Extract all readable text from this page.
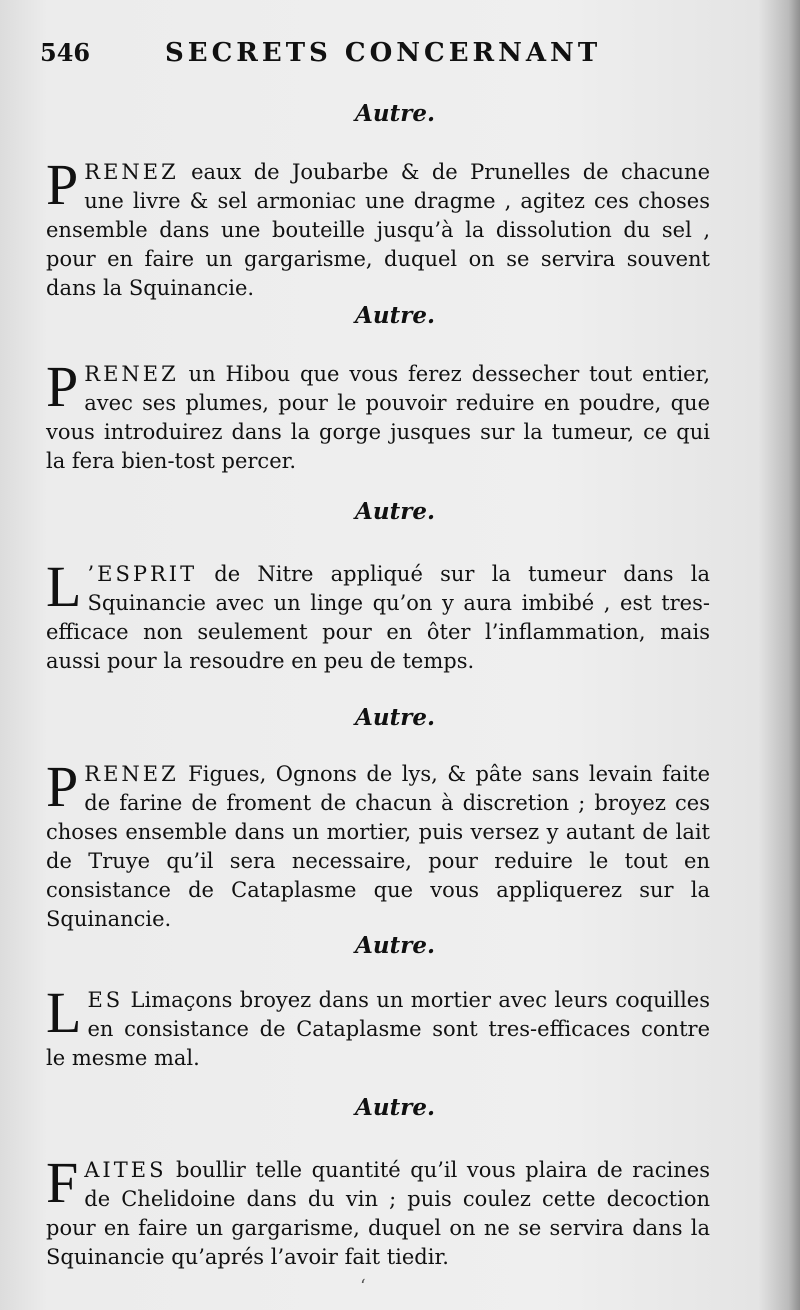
546	SECRETS CONCERNANT
Autre.
PRENEZ eaux de Joubarbe & de Prunelles de chacune une livre & sel armoniac une dragme , agitez ces choses ensemble dans une bouteille jusqu’à la dissolution du sel , pour en faire un gargarisme, duquel on se servira souvent dans la Squinancie.
Autre.
PRENEZ un Hibou que vous ferez dessecher tout entier, avec ses plumes, pour le pouvoir reduire en poudre, que vous introduirez dans la gorge jusques sur la tumeur, ce qui la fera bien-tost percer.
Autre.
L ’ESPRIT de Nitre appliqué sur la tumeur dans la Squinancie avec un linge qu’on y aura imbibé , est tres-efficace non seulement pour en ôter l’inflammation, mais aussi pour la resoudre en peu de temps.
Autre.
PRENEZ Figues, Ognons de lys, & pâte sans levain faite de farine de froment de chacun à discretion ; broyez ces choses ensemble dans un mortier, puis versez y autant de lait de Truye qu’il sera necessaire, pour reduire le tout en consistance de Cataplasme que vous appliquerez sur la Squinancie.
Autre.
LES Limaçons broyez dans un mortier avec leurs coquilles en consistance de Cataplasme sont tres-efficaces contre le mesme mal.
Autre.
FAITES boullir telle quantité qu’il vous plaira de racines de Chelidoine dans du vin ; puis coulez cette decoction pour en faire un gargarisme, duquel on ne se servira dans la Squinancie qu’aprés l’avoir fait tiedir.
ʻ
